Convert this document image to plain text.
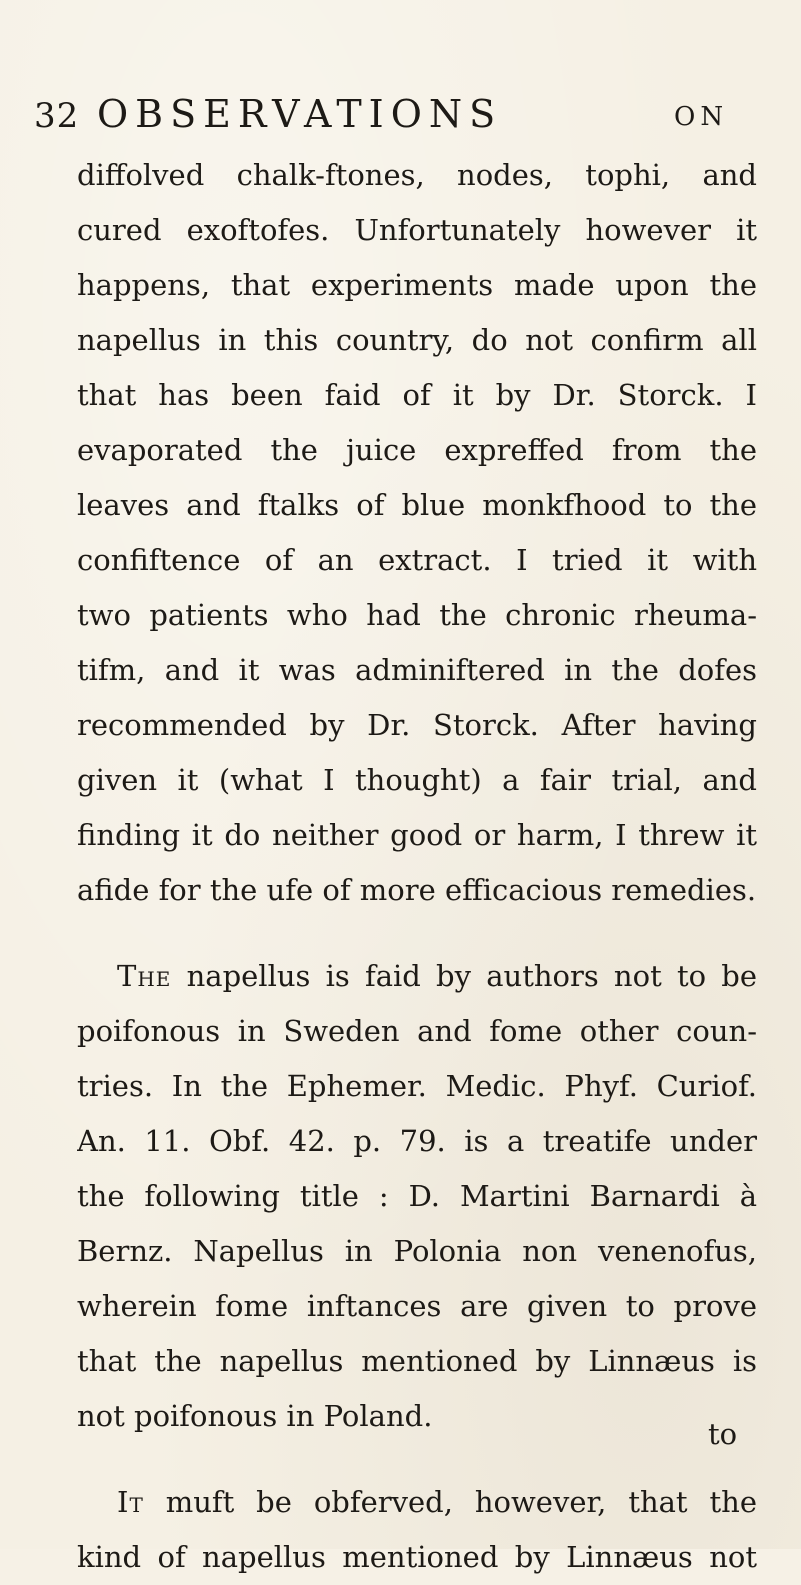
32 OBSERVATIONS	ON
diffolved chalk-ftones, nodes, tophi, and
cured exoftofes. Unfortunately however it
happens, that experiments made upon the
napellus in this country, do not confirm all
that has been faid of it by Dr. Storck. I
evaporated the juice expreffed from the
leaves and ftalks of blue monkfhood to the
confiftence of an extract. I tried it with
two patients who had the chronic rheuma-
tifm, and it was adminiftered in the dofes
recommended by Dr. Storck. After having
given it (what I thought) a fair trial, and
finding it do neither good or harm, I threw it
afide for the ufe of more efficacious remedies.
The napellus is faid by authors not to be
poifonous in Sweden and fome other coun-
tries. In the Ephemer. Medic. Phyf. Curiof.
An. 11. Obf. 42. p. 79. is a treatife under
the following title : D. Martini Barnardi à
Bernz. Napellus in Polonia non venenofus,
wherein fome inftances are given to prove
that the napellus mentioned by Linnæus is
not poifonous in Poland.
It muft be obferved, however, that the
kind of napellus mentioned by Linnæus not
to
